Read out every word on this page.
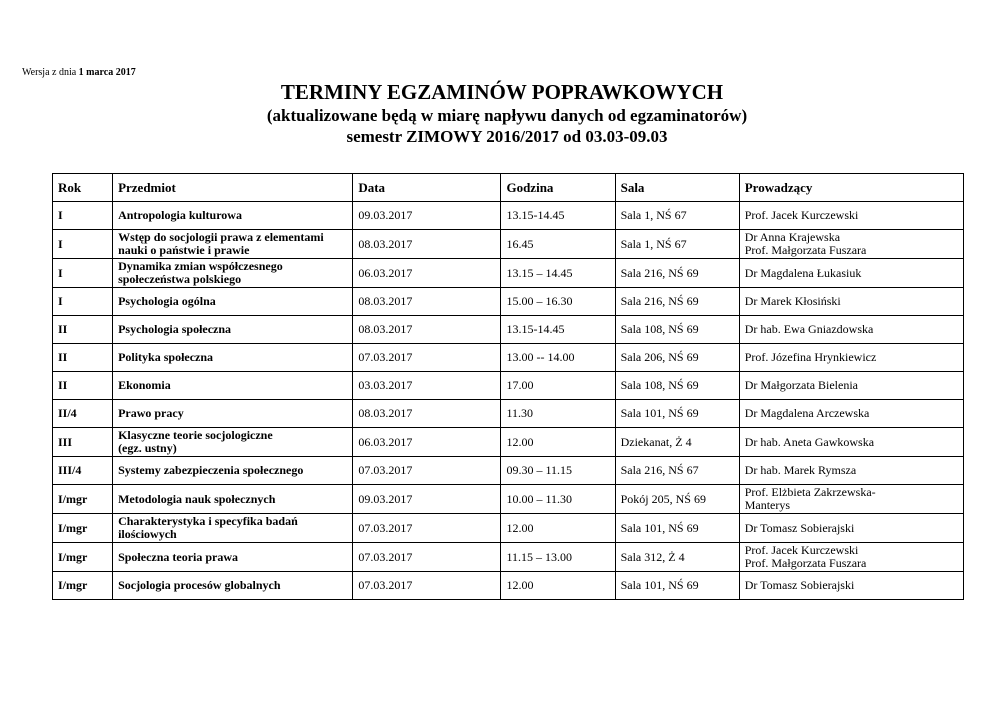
Wersja z dnia 1 marca 2017
TERMINY EGZAMINÓW POPRAWKOWYCH
(aktualizowane będą w miarę napływu danych od egzaminatorów)
semestr ZIMOWY 2016/2017 od 03.03-09.03
Rok	Przedmiot	Data	Godzina	Sala	Prowadzący
I	Antropologia kulturowa	09.03.2017	13.15-14.45	Sala 1, NŚ 67	Prof. Jacek Kurczewski
I	Wstęp do socjologii prawa z elementami
nauki o państwie i prawie	08.03.2017	16.45	Sala 1, NŚ 67	Dr Anna Krajewska
Prof. Małgorzata Fuszara
I	Dynamika zmian współczesnego
społeczeństwa polskiego	06.03.2017	13.15 – 14.45	Sala 216, NŚ 69	Dr Magdalena Łukasiuk
I	Psychologia ogólna	08.03.2017	15.00 – 16.30	Sala 216, NŚ 69	Dr Marek Kłosiński
II	Psychologia społeczna	08.03.2017	13.15-14.45	Sala 108, NŚ 69	Dr hab. Ewa Gniazdowska
II	Polityka społeczna	07.03.2017	13.00 -- 14.00	Sala 206, NŚ 69	Prof. Józefina Hrynkiewicz
II	Ekonomia	03.03.2017	17.00	Sala 108, NŚ 69	Dr Małgorzata Bielenia
II/4	Prawo pracy	08.03.2017	11.30	Sala 101, NŚ 69	Dr Magdalena Arczewska
III	Klasyczne teorie socjologiczne
(egz. ustny)	06.03.2017	12.00	Dziekanat, Ż 4	Dr hab. Aneta Gawkowska
III/4	Systemy zabezpieczenia społecznego	07.03.2017	09.30 – 11.15	Sala 216, NŚ 67	Dr hab. Marek Rymsza
I/mgr	Metodologia nauk społecznych	09.03.2017	10.00 – 11.30	Pokój 205, NŚ 69	Prof. Elżbieta Zakrzewska-
Manterys
I/mgr	Charakterystyka i specyfika badań
ilościowych	07.03.2017	12.00	Sala 101, NŚ 69	Dr Tomasz Sobierajski
I/mgr	Społeczna teoria prawa	07.03.2017	11.15 – 13.00	Sala 312, Ż 4	Prof. Jacek Kurczewski
Prof. Małgorzata Fuszara
I/mgr	Socjologia procesów globalnych	07.03.2017	12.00	Sala 101, NŚ 69	Dr Tomasz Sobierajski
